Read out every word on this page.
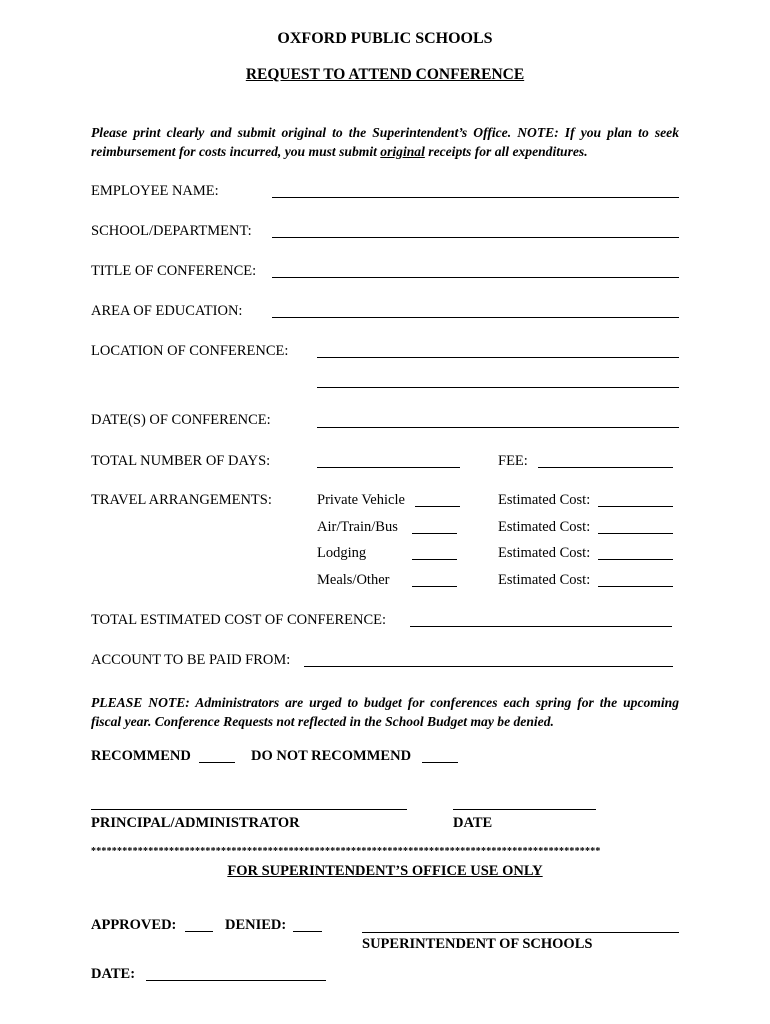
OXFORD PUBLIC SCHOOLS
REQUEST TO ATTEND CONFERENCE
Please print clearly and submit original to the Superintendent’s Office. NOTE: If you plan to seek reimbursement for costs incurred, you must submit original receipts for all expenditures.
EMPLOYEE NAME:
SCHOOL/DEPARTMENT:
TITLE OF CONFERENCE:
AREA OF EDUCATION:
LOCATION OF CONFERENCE:
DATE(S) OF CONFERENCE:
TOTAL NUMBER OF DAYS:	FEE:
TRAVEL ARRANGEMENTS:	Private Vehicle	Estimated Cost:
Air/Train/Bus	Estimated Cost:
Lodging	Estimated Cost:
Meals/Other	Estimated Cost:
TOTAL ESTIMATED COST OF CONFERENCE:
ACCOUNT TO BE PAID FROM:
PLEASE NOTE: Administrators are urged to budget for conferences each spring for the upcoming fiscal year. Conference Requests not reflected in the School Budget may be denied.
RECOMMEND	DO NOT RECOMMEND
PRINCIPAL/ADMINISTRATOR	DATE
**************************************************************************************************
FOR SUPERINTENDENT’S OFFICE USE ONLY
APPROVED:	DENIED:
SUPERINTENDENT OF SCHOOLS
DATE:
